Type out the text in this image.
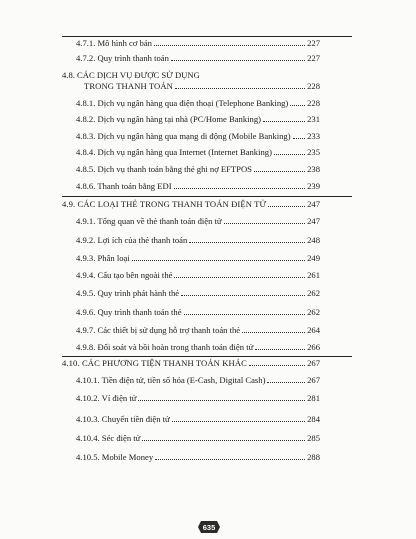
4.7.1. Mô hình cơ bản	227
4.7.2. Quy trình thanh toán	227
4.8. CÁC DỊCH VỤ ĐƯỢC SỬ DỤNG
TRONG THANH TOÁN	228
4.8.1. Dịch vụ ngân hàng qua điện thoại (Telephone Banking) 228
4.8.2. Dịch vụ ngân hàng tại nhà (PC/Home Banking)	231
4.8.3. Dịch vụ ngân hàng qua mạng di động (Mobile Banking) 233
4.8.4. Dịch vụ ngân hàng qua Internet (Internet Banking)	235
4.8.5. Dịch vụ thanh toán bằng thẻ ghi nợ EFTPOS	238
4.8.6. Thanh toán bằng EDI	239
4.9. CÁC LOẠI THẺ TRONG THANH TOÁN ĐIỆN TỬ	247
4.9.1. Tổng quan về thẻ thanh toán điện tử	247
4.9.2. Lợi ích của thẻ thanh toán	248
4.9.3. Phân loại	249
4.9.4. Cấu tạo bên ngoài thẻ	261
4.9.5. Quy trình phát hành thẻ	262
4.9.6. Quy trình thanh toán thẻ	262
4.9.7. Các thiết bị sử dụng hỗ trợ thanh toán thẻ	264
4.9.8. Đối soát và bồi hoàn trong thanh toán điện tử	266
4.10. CÁC PHƯƠNG TIỆN THANH TOÁN KHÁC	267
4.10.1. Tiền điện tử, tiền số hóa (E-Cash, Digital Cash)	267
4.10.2. Ví điện tử	281
4.10.3. Chuyển tiền điện tử	284
4.10.4. Séc điện tử	285
4.10.5. Mobile Money	288
635
